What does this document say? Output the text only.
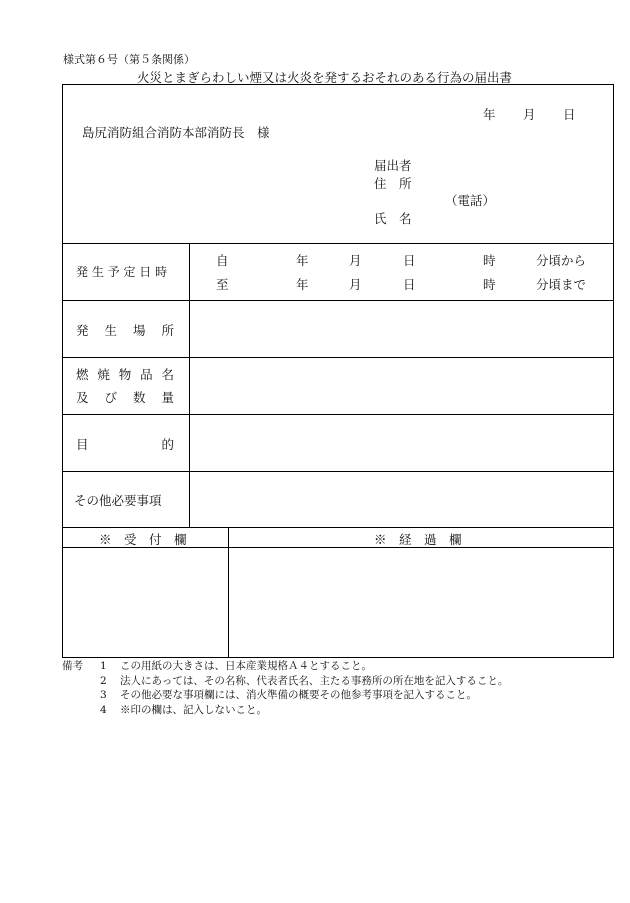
様式第６号（第５条関係）
火災とまぎらわしい煙又は火炎を発するおそれのある行為の届出書
年 月 日
島尻消防組合消防本部消防長　様
届出者
住　所
（電話）
氏　名
発 生 予 定 日 時
自	年	月	日	時	分頃から
至	年	月	日	時	分頃まで
発 生 場 所
燃 焼 物 品 名
及 び 数 量
目	的
その他必要事項
※　受　付　欄	※　経　過　欄
備考	1	この用紙の大きさは、日本産業規格Ａ４とすること。
2	法人にあっては、その名称、代表者氏名、主たる事務所の所在地を記入すること。
3	その他必要な事項欄には、消火準備の概要その他参考事項を記入すること。
4	※印の欄は、記入しないこと。
